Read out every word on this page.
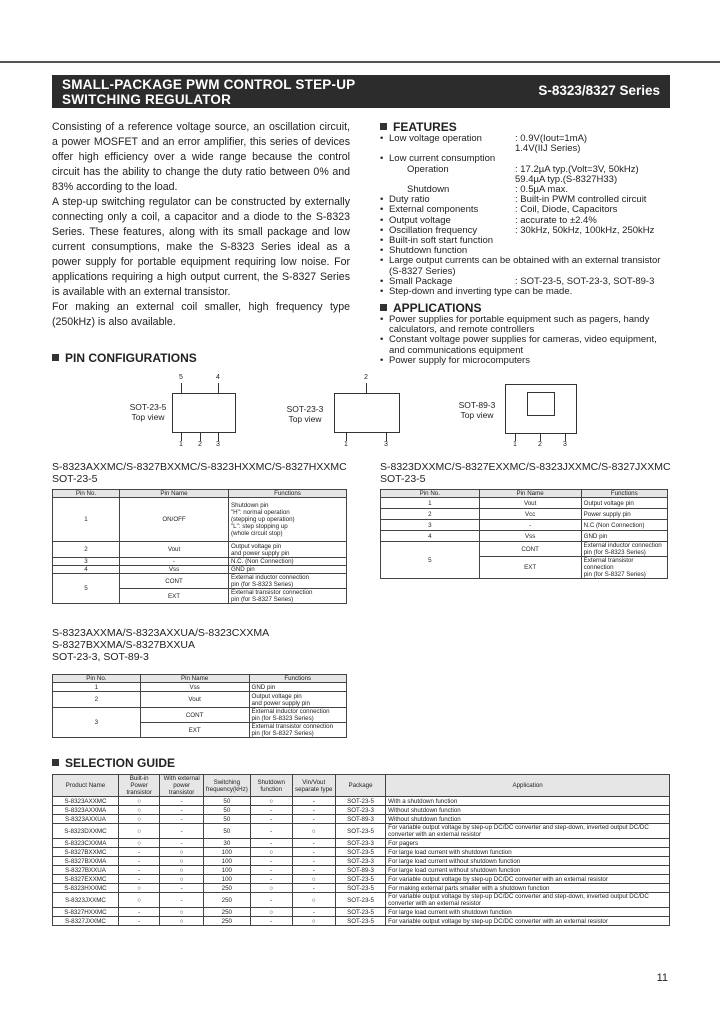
SMALL-PACKAGE PWM CONTROL STEP-UP
SWITCHING REGULATOR
S-8323/8327 Series

Consisting of a reference voltage source, an oscillation circuit, a power MOSFET and an error amplifier, this series of devices offer high efficiency over a wide range because the control circuit has the ability to change the duty ratio between 0% and 83% according to the load.

A step-up switching regulator can be constructed by externally connecting only a coil, a capacitor and a diode to the S-8323 Series. These features, along with its small package and low current consumptions, make the S-8323 Series ideal as a power supply for portable equipment requiring low noise. For applications requiring a high output current, the S-8327 Series is available with an external transistor.

For making an external coil smaller, high frequency type (250kHz) is also available.

FEATURES
• Low voltage operation	: 0.9V(Iout=1mA)
1.4V(IIJ Series)
• Low current consumption
Operation	: 17.2µA typ.(Volt=3V, 50kHz)
59.4µA typ.(S-8327H33)
Shutdown	: 0.5µA max.
• Duty ratio	: Built-in PWM controlled circuit
• External components	: Coil, Diode, Capacitors
• Output voltage	: accurate to ±2.4%
• Oscillation frequency	: 30kHz, 50kHz, 100kHz, 250kHz
• Built-in soft start function
• Shutdown function
• Large output currents can be obtained with an external transistor
(S-8327 Series)
• Small Package	: SOT-23-5, SOT-23-3, SOT-89-3
• Step-down and inverting type can be made.
APPLICATIONS
• Power supplies for portable equipment such as pagers, handy
calculators, and remote controllers
• Constant voltage power supplies for cameras, video equipment,
and communications equipment
• Power supply for microcomputers
PIN CONFIGURATIONS
SOT-23-5
Top view
5	4
1 2 3
SOT-23-3
Top view
2
1	3
SOT-89-3
Top view
1	2	3
S-8323AXXMC/S-8327BXXMC/S-8323HXXMC/S-8327HXXMC
SOT-23-5
S-8323DXXMC/S-8327EXXMC/S-8323JXXMC/S-8327JXXMC
SOT-23-5
Pin No.	Pin Name	Functions
1	ON/OFF	Shutdown pin
"H": normal operation
(stepping up operation)
"L": step stopping up
(whole circuit stop)
2	Vout	Output voltage pin
and power supply pin
3	-	N.C. (Non Connection)
4	Vss	GND pin
5	CONT	External inductor connection
pin (for S-8323 Series)
	EXT	External transistor connection
pin (for S-8327 Series)
Pin No.	Pin Name	Functions
1	Vout	Output voltage pin
2	Vcc	Power supply pin
3	-	N.C (Non Connection)
4	Vss	GND pin
5	CONT	External inductor connection
pin (for S-8323 Series)
	EXT	External transistor connection
pin (for S-8327 Series)
S-8323AXXMA/S-8323AXXUA/S-8323CXXMA
S-8327BXXMA/S-8327BXXUA
SOT-23-3, SOT-89-3
Pin No.	Pin Name	Functions
1	Vss	GND pin
2	Vout	Output voltage pin
and power supply pin
3	CONT	External inductor connection
pin (for S-8323 Series)
	EXT	External transistor connection
pin (for S-8327 Series)
SELECTION GUIDE
Product Name	Built-in Power transistor	With external power transistor	Switching frequency(kHz)	Shutdown function	Vin/Vout separate type	Package	Application
S-8323AXXMC	○	-	50	○	-	SOT-23-5	With a shutdown function
S-8323AXXMA	○	-	50	-	-	SOT-23-3	Without shutdown function
S-8323AXXUA	○	-	50	-	-	SOT-89-3	Without shutdown function
S-8323DXXMC	○	-	50	-	○	SOT-23-5	For variable output voltage by step-up DC/DC converter and step-down, inverted output DC/DC converter with an external resistor
S-8323CXXMA	○	-	30	-	-	SOT-23-3	For pagers
S-8327BXXMC	-	○	100	○	-	SOT-23-5	For large load current with shutdown function
S-8327BXXMA	-	○	100	-	-	SOT-23-3	For large load current without shutdown function
S-8327BXXUA	-	○	100	-	-	SOT-89-3	For large load current without shutdown function
S-8327EXXMC	-	○	100	-	○	SOT-23-5	For variable output voltage by step-up DC/DC converter with an external resistor
S-8323HXXMC	○	-	250	○	-	SOT-23-5	For making external parts smaller with a shutdown function
S-8323JXXMC	○	-	250	-	○	SOT-23-5	For variable output voltage by step-up DC/DC converter and step-down, inverted output DC/DC converter with an external resistor
S-8327HXXMC	-	○	250	○	-	SOT-23-5	For large load current with shutdown function
S-8327JXXMC	-	○	250	-	○	SOT-23-5	For variable output voltage by step-up DC/DC converter with an external resistor
11
